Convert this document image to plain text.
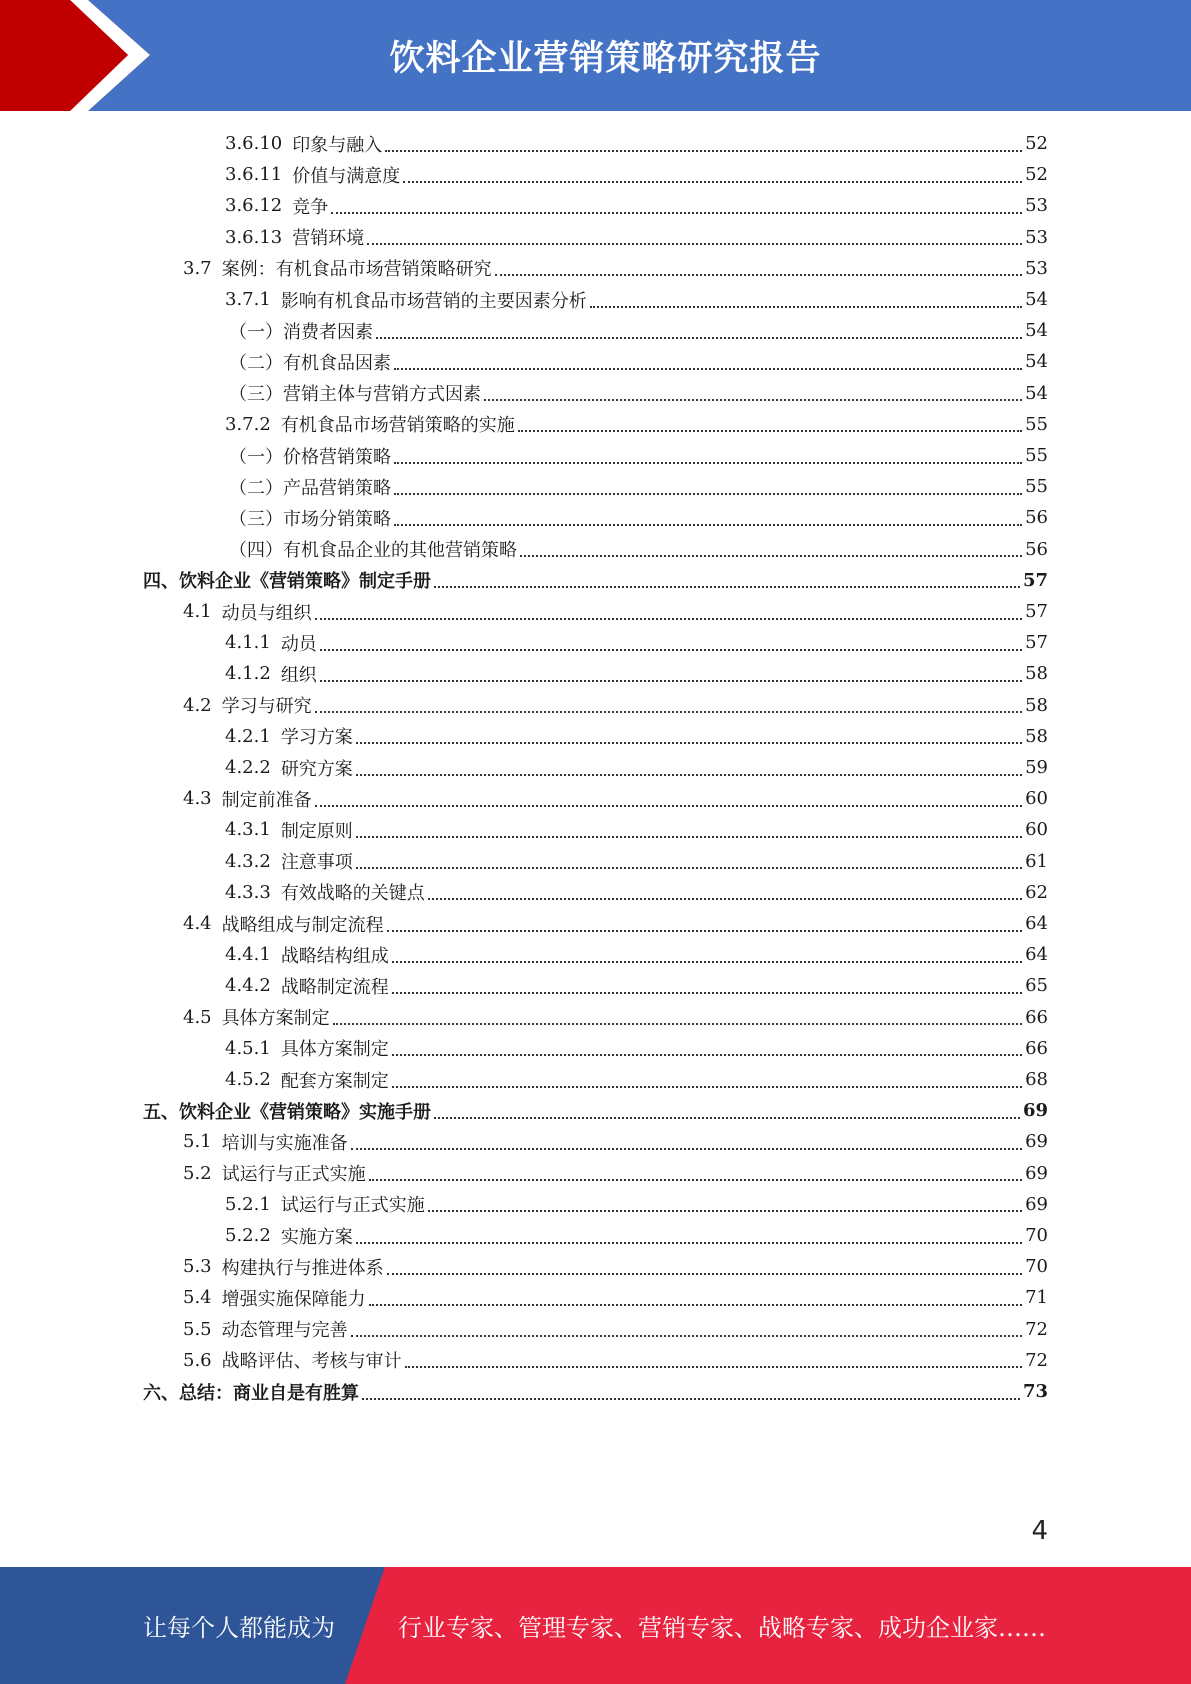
饮料企业营销策略研究报告
3.6.10 印象与融入	52
3.6.11 价值与满意度	52
3.6.12 竞争	53
3.6.13 营销环境	53
3.7 案例：有机食品市场营销策略研究	53
3.7.1 影响有机食品市场营销的主要因素分析	54
（一）消费者因素	54
（二）有机食品因素	54
（三）营销主体与营销方式因素	54
3.7.2 有机食品市场营销策略的实施	55
（一）价格营销策略	55
（二）产品营销策略	55
（三）市场分销策略	56
（四）有机食品企业的其他营销策略	56
四、饮料企业《营销策略》制定手册	57
4.1 动员与组织	57
4.1.1 动员	57
4.1.2 组织	58
4.2 学习与研究	58
4.2.1 学习方案	58
4.2.2 研究方案	59
4.3 制定前准备	60
4.3.1 制定原则	60
4.3.2 注意事项	61
4.3.3 有效战略的关键点	62
4.4 战略组成与制定流程	64
4.4.1 战略结构组成	64
4.4.2 战略制定流程	65
4.5 具体方案制定	66
4.5.1 具体方案制定	66
4.5.2 配套方案制定	68
五、饮料企业《营销策略》实施手册	69
5.1 培训与实施准备	69
5.2 试运行与正式实施	69
5.2.1 试运行与正式实施	69
5.2.2 实施方案	70
5.3 构建执行与推进体系	70
5.4 增强实施保障能力	71
5.5 动态管理与完善	72
5.6 战略评估、考核与审计	72
六、总结：商业自是有胜算	73
4
让每个人都能成为	行业专家、管理专家、营销专家、战略专家、成功企业家……
